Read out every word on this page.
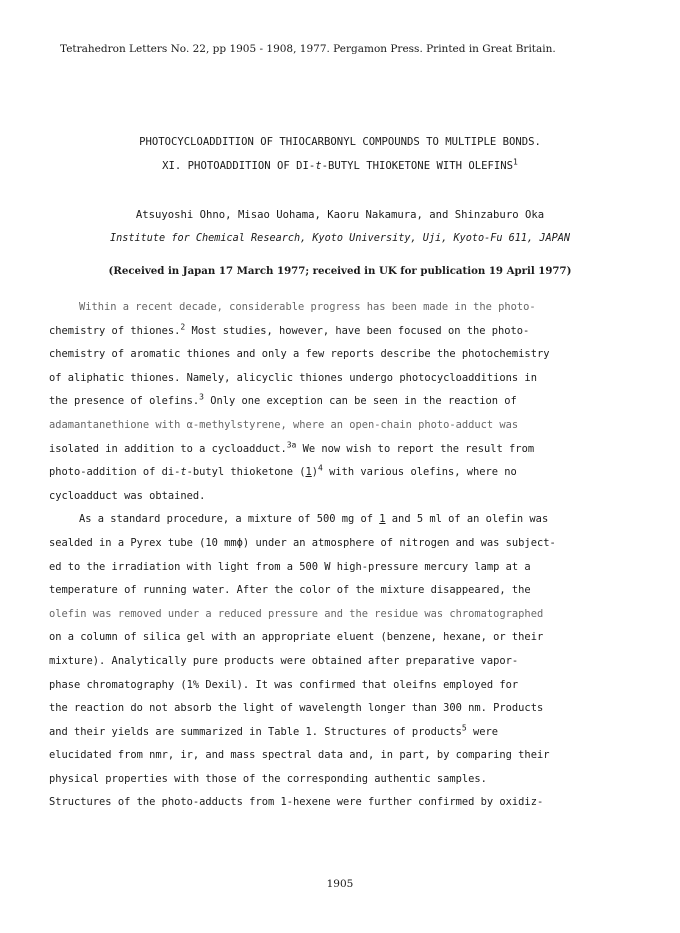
Tetrahedron Letters No. 22, pp 1905 - 1908, 1977. Pergamon Press. Printed in Great Britain.
PHOTOCYCLOADDITION OF THIOCARBONYL COMPOUNDS TO MULTIPLE BONDS.
XI. PHOTOADDITION OF DI-t-BUTYL THIOKETONE WITH OLEFINS$^1$
Atsuyoshi Ohno, Misao Uohama, Kaoru Nakamura, and Shinzaburo Oka
Institute for Chemical Research, Kyoto University, Uji, Kyoto-Fu 611, JAPAN
(Received in Japan 17 March 1977; received in UK for publication 19 April 1977)
Within a recent decade, considerable progress has been made in the photo-
chemistry of thiones.$^2$ Most studies, however, have been focused on the photo-
chemistry of aromatic thiones and only a few reports describe the photochemistry
of aliphatic thiones. Namely, alicyclic thiones undergo photocycloadditions in
the presence of olefins.$^3$ Only one exception can be seen in the reaction of
adamantanethione with α-methylstyrene, where an open-chain photo-adduct was
isolated in addition to a cycloadduct.$^{3a}$ We now wish to report the result from
photo-addition of di-t-butyl thioketone $(1)^4$ with various olefins, where no
cycloadduct was obtained.
As a standard procedure, a mixture of 500 mg of 1 and 5 ml of an olefin was
sealded in a Pyrex tube (10 mmϕ) under an atmosphere of nitrogen and was subject-
ed to the irradiation with light from a 500 W high-pressure mercury lamp at a
temperature of running water. After the color of the mixture disappeared, the
olefin was removed under a reduced pressure and the residue was chromatographed
on a column of silica gel with an appropriate eluent (benzene, hexane, or their
mixture). Analytically pure products were obtained after preparative vapor-
phase chromatography (1% Dexil). It was confirmed that oleifns employed for
the reaction do not absorb the light of wavelength longer than 300 nm. Products
and their yields are summarized in Table 1. Structures of products$^5$ were
elucidated from nmr, ir, and mass spectral data and, in part, by comparing their
physical properties with those of the corresponding authentic samples.
Structures of the photo-adducts from 1-hexene were further confirmed by oxidiz-
1905
